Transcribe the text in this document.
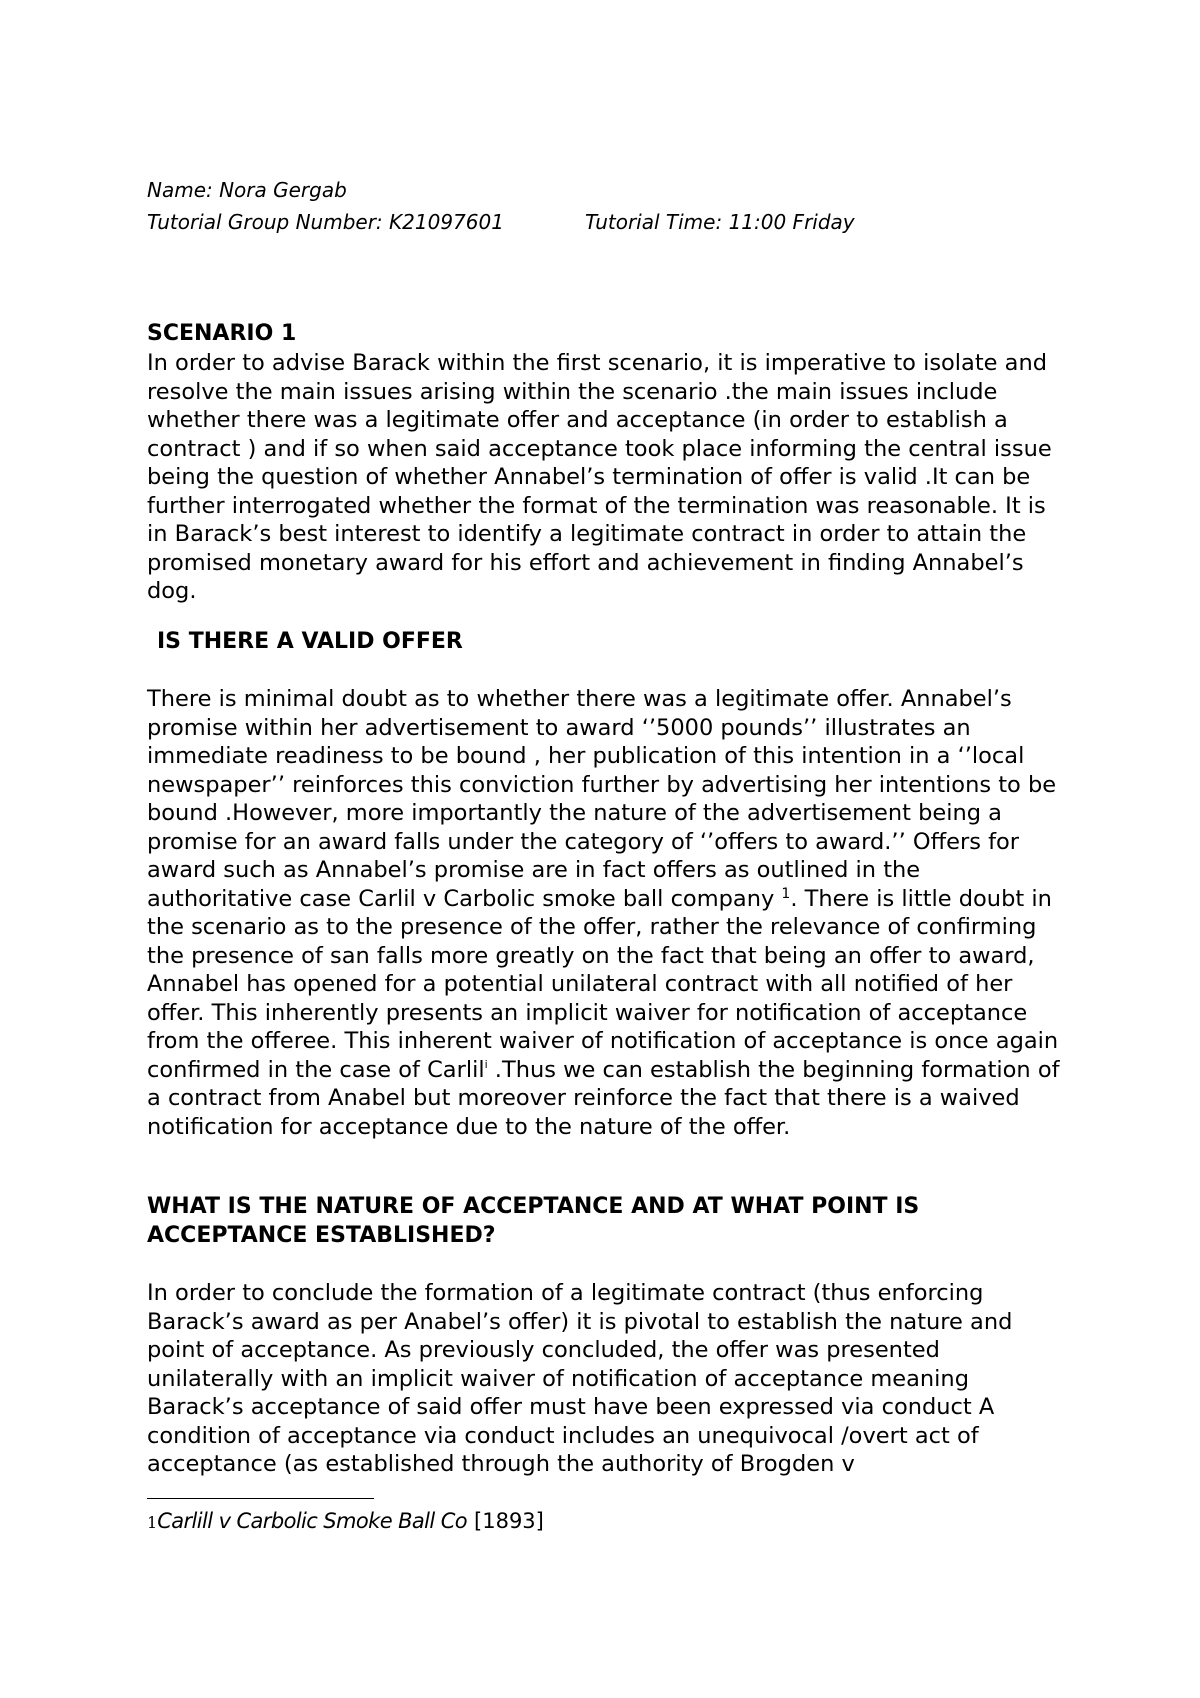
Name: Nora Gergab
Tutorial Group Number: K21097601	Tutorial Time: 11:00 Friday
SCENARIO 1

In order to advise Barack within the first scenario, it is imperative to isolate and resolve the main issues arising within the scenario .the main issues include whether there was a legitimate offer and acceptance (in order to establish a contract ) and if so when said acceptance took place informing the central issue being the question of whether Annabel’s termination of offer is valid .It can be further interrogated whether the format of the termination was reasonable. It is in Barack’s best interest to identify a legitimate contract in order to attain the promised monetary award for his effort and achievement in finding Annabel’s dog.

IS THERE A VALID OFFER

There is minimal doubt as to whether there was a legitimate offer. Annabel’s promise within her advertisement to award ‘’5000 pounds’’ illustrates an immediate readiness to be bound , her publication of this intention in a ‘’local newspaper’’ reinforces this conviction further by advertising her intentions to be bound .However, more importantly the nature of the advertisement being a promise for an award falls under the category of ‘’offers to award.’’ Offers for award such as Annabel’s promise are in fact offers as outlined in the authoritative case Carlil v Carbolic smoke ball company $^1$. There is little doubt in the scenario as to the presence of the offer, rather the relevance of confirming the presence of san falls more greatly on the fact that being an offer to award, Annabel has opened for a potential unilateral contract with all notified of her offer. This inherently presents an implicit waiver for notification of acceptance from the offeree. This inherent waiver of notification of acceptance is once again confirmed in the case of Carlil$^i$ .Thus we can establish the beginning formation of a contract from Anabel but moreover reinforce the fact that there is a waived notification for acceptance due to the nature of the offer.

WHAT IS THE NATURE OF ACCEPTANCE AND AT WHAT POINT IS ACCEPTANCE ESTABLISHED?

In order to conclude the formation of a legitimate contract (thus enforcing Barack’s award as per Anabel’s offer) it is pivotal to establish the nature and point of acceptance. As previously concluded, the offer was presented unilaterally with an implicit waiver of notification of acceptance meaning Barack’s acceptance of said offer must have been expressed via conduct A condition of acceptance via conduct includes an unequivocal /overt act of acceptance (as established through the authority of Brogden v

1Carlill v Carbolic Smoke Ball Co [1893]
